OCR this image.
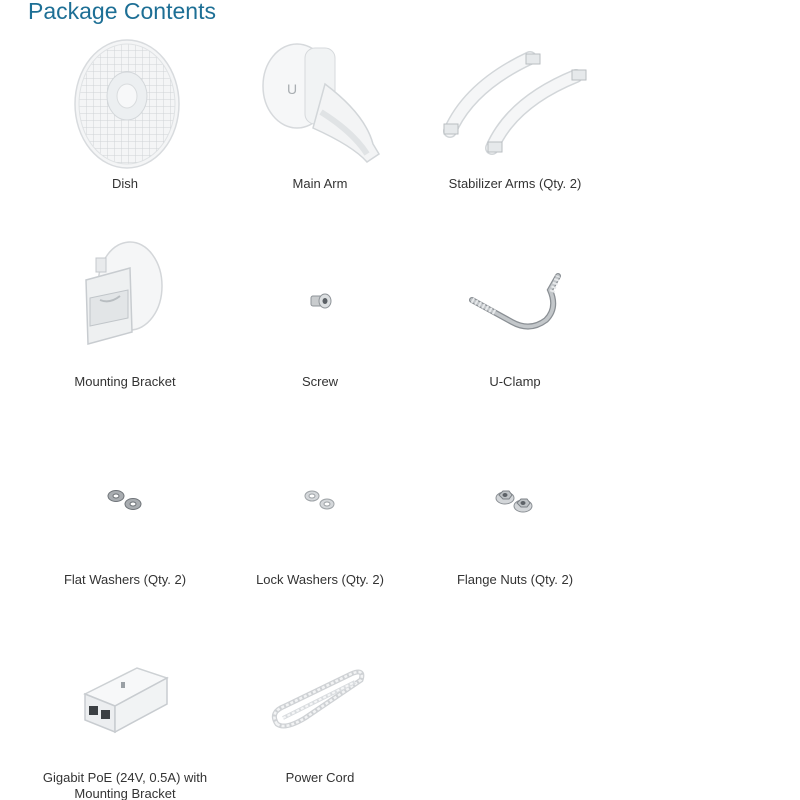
Package Contents
Dish
U
Main Arm	Stabilizer Arms (Qty. 2)
Mounting Bracket	Screw	U-Clamp
Flat Washers (Qty. 2)	Lock Washers (Qty. 2)	Flange Nuts (Qty. 2)
Gigabit PoE (24V, 0.5A) with Mounting Bracket
Power Cord
